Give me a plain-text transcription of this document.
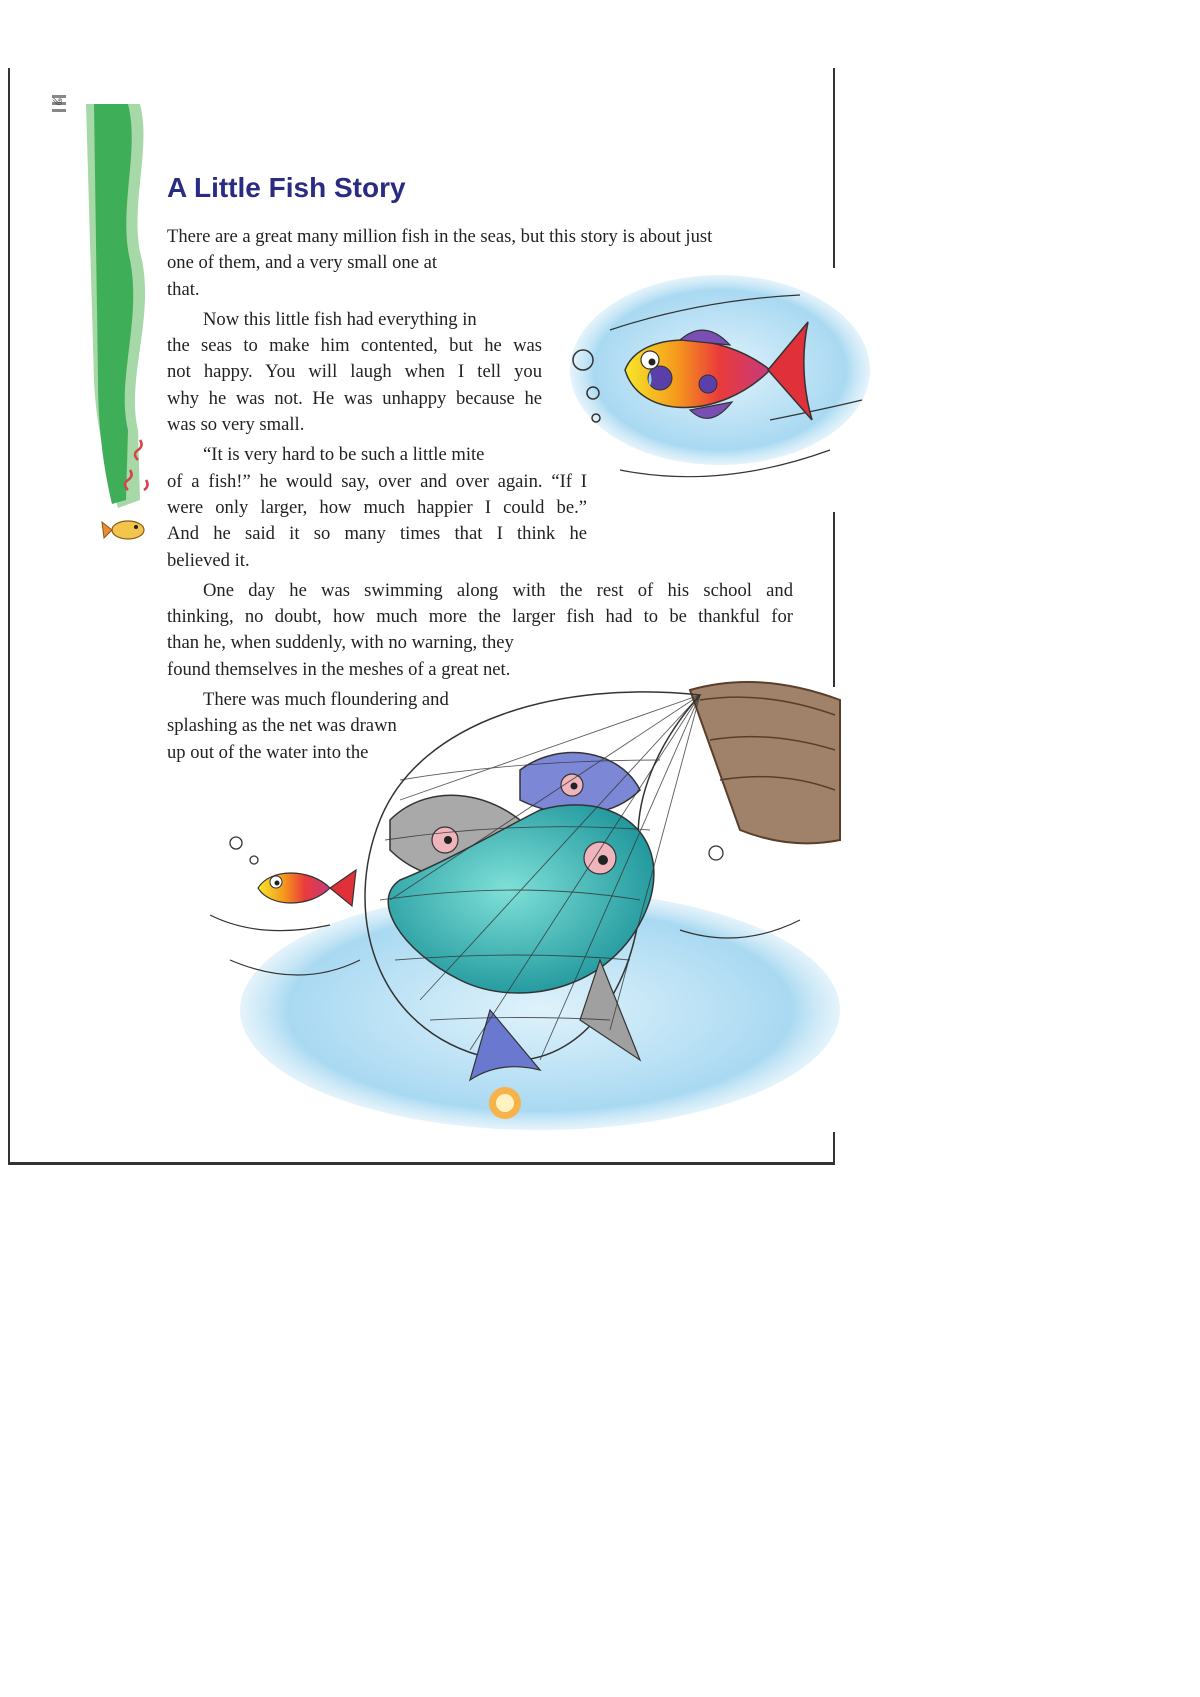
༄
A Little Fish Story

There are a great many million fish in the seas, but this story is about just
one of them, and a very small one at
that.

Now this little fish had everything in
the seas to make him contented, but he was
not happy. You will laugh when I tell you
why he was not. He was unhappy because he
was so very small.

“It is very hard to be such a little mite
of a fish!” he would say, over and over again. “If I
were only larger, how much happier I could be.”
And he said it so many times that I think he
believed it.

One day he was swimming along with the rest of his school and
thinking, no doubt, how much more the larger fish had to be thankful for
than he, when suddenly, with no warning, they
found themselves in the meshes of a great net.

There was much floundering and
splashing as the net was drawn
up out of the water into the
